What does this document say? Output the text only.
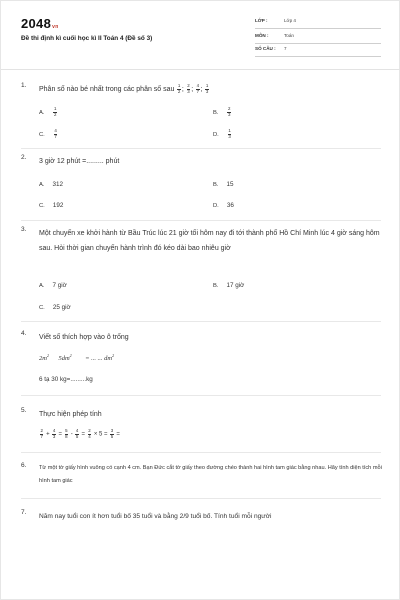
2048vn
Đề thi định kì cuối học kì II Toán 4 (Đề số 3)
LỚP :	Lớp 4
MÔN :	Toán
SỐ CÂU : 7
1.
Phân số nào bé nhất trong các phân số sau $\frac{1}{2}$ ; $\frac{2}{3}$ ; $\frac{4}{7}$ ; $\frac{1}{3}$
A. $\frac{1}{2}$	B. $\frac{2}{3}$
C. $\frac{4}{7}$	D. $\frac{1}{3}$
2.
3 giờ 12 phút =......... phút
A. 312	B. 15
C. 192	D. 36
3.
Một chuyến xe khởi hành từ Bầu Trúc lúc 21 giờ tối hôm nay đi tới thành phố Hồ Chí Minh lúc 4 giờ sáng hôm sau. Hỏi thời gian chuyến hành trình đó kéo dài bao nhiêu giờ
A. 7 giờ	B. 17 giờ
C. 25 giờ
4.
Viết số thích hợp vào ô trống
$2m^2$ $5dm^2$ = ... ... $dm^2$
6 tạ 30 kg=.........kg
5.
Thực hiện phép tính
$\frac{2}{7} + \frac{4}{3} = \frac{5}{8} - \frac{4}{5} = \frac{2}{4} \times 5 = \frac{3}{5}$ =
6. Từ một tờ giấy hình vuông có cạnh 4 cm. Bạn Đức cắt tờ giấy theo đường chéo thành hai hình tam giác bằng nhau. Hãy tính diện tích mỗi hình tam giác
7.
Năm nay tuổi con ít hơn tuổi bố 35 tuổi và bằng 2/9 tuổi bố. Tính tuổi mỗi người
